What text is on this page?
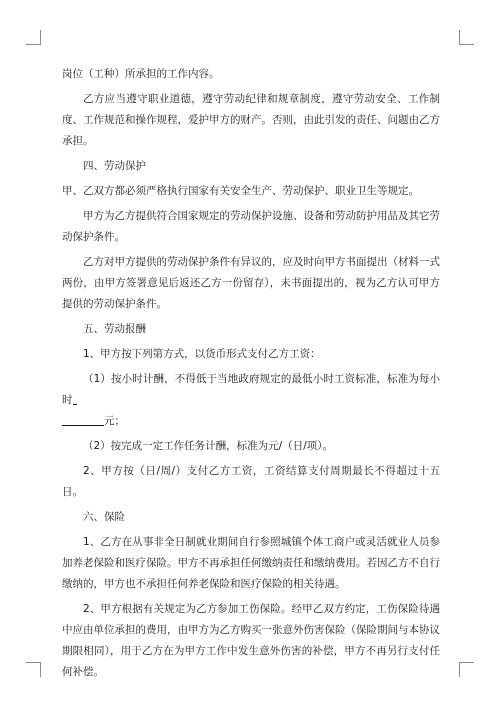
岗位（工种）所承担的工作内容。

乙方应当遵守职业道德，遵守劳动纪律和规章制度，遵守劳动安全、工作制度、工作规范和操作规程，爱护甲方的财产。否则，由此引发的责任、问题由乙方承担。

四、劳动保护

甲、乙双方都必须严格执行国家有关安全生产、劳动保护、职业卫生等规定。

甲方为乙方提供符合国家规定的劳动保护设施、设备和劳动防护用品及其它劳动保护条件。

乙方对甲方提供的劳动保护条件有异议的，应及时向甲方书面提出（材料一式两份，由甲方签署意见后返还乙方一份留存），未书面提出的，视为乙方认可甲方提供的劳动保护条件。

五、劳动报酬

1、甲方按下列第方式，以货币形式支付乙方工资：

（1）按小时计酬，不得低于当地政府规定的最低小时工资标准，标准为每小时

元；

（2）按完成一定工作任务计酬，标准为元/（日/项）。

2、甲方按（日/周/）支付乙方工资，工资结算支付周期最长不得超过十五日。

六、保险

1、乙方在从事非全日制就业期间自行参照城镇个体工商户或灵活就业人员参加养老保险和医疗保险。甲方不再承担任何缴纳责任和缴纳费用。若因乙方不自行缴纳的，甲方也不承担任何养老保险和医疗保险的相关待遇。

2、甲方根据有关规定为乙方参加工伤保险。经甲乙双方约定，工伤保险待遇中应由单位承担的费用，由甲方为乙方购买一张意外伤害保险（保险期间与本协议期限相同），用于乙方在为甲方工作中发生意外伤害的补偿，甲方不再另行支付任何补偿。
